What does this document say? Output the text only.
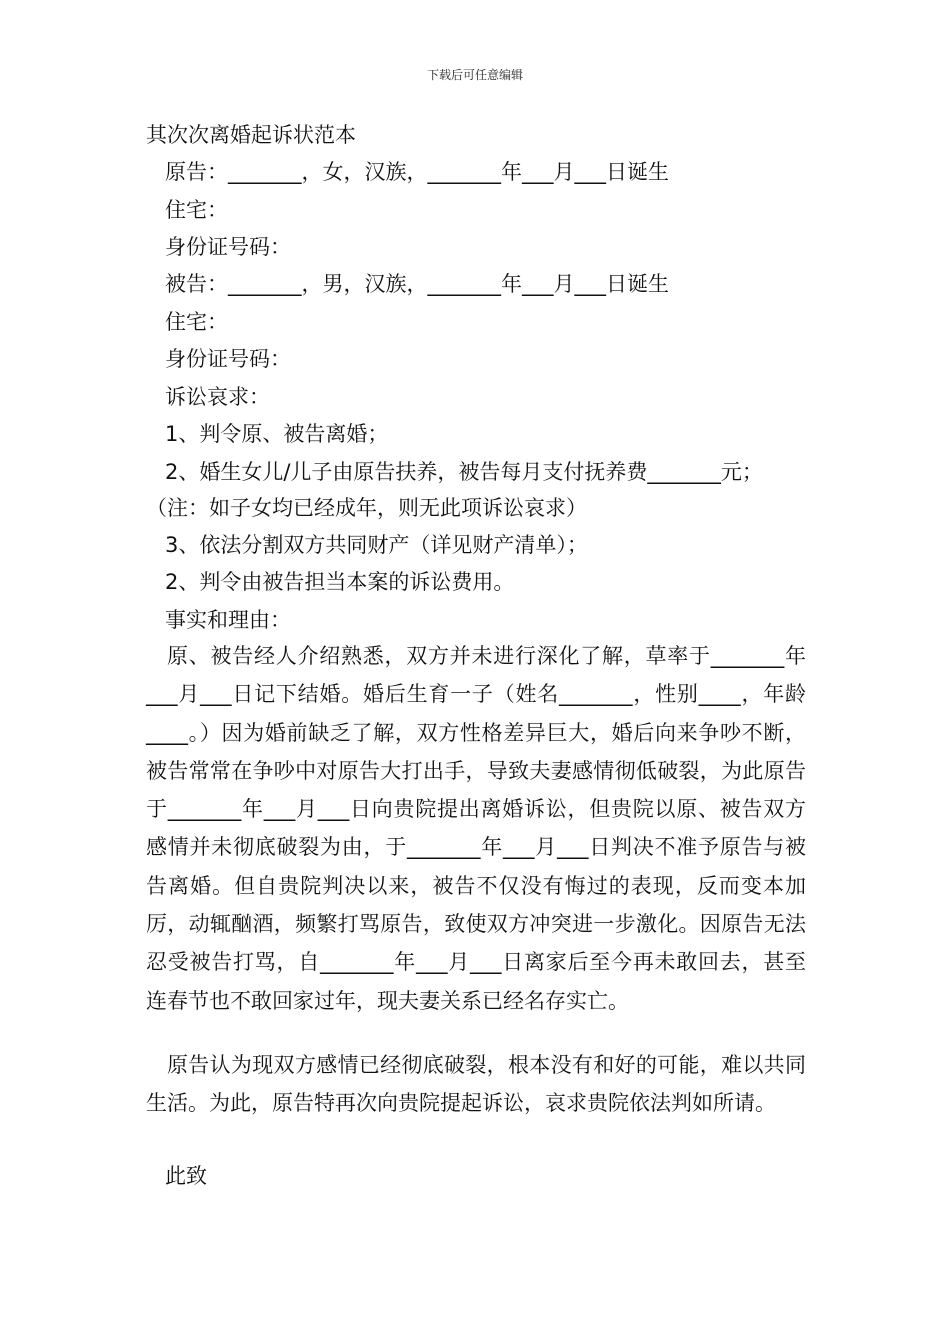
下载后可任意编辑
其次次离婚起诉状范本
原告：_______，女，汉族，_______年___月___日诞生
住宅：
身份证号码：
被告：_______，男，汉族，_______年___月___日诞生
住宅：
身份证号码：
诉讼哀求：
1、判令原、被告离婚；
2、婚生女儿/儿子由原告扶养，被告每月支付抚养费_______元；
（注：如子女均已经成年，则无此项诉讼哀求）
3、依法分割双方共同财产（详见财产清单）；
2、判令由被告担当本案的诉讼费用。
事实和理由：
原、被告经人介绍熟悉，双方并未进行深化了解，草率于_______年___月___日记下结婚。婚后生育一子（姓名_______，性别____，年龄____。）因为婚前缺乏了解，双方性格差异巨大，婚后向来争吵不断，被告常常在争吵中对原告大打出手，导致夫妻感情彻低破裂，为此原告于_______年___月___日向贵院提出离婚诉讼，但贵院以原、被告双方感情并未彻底破裂为由，于_______年___月___日判决不准予原告与被告离婚。但自贵院判决以来，被告不仅没有悔过的表现，反而变本加厉，动辄酗酒，频繁打骂原告，致使双方冲突进一步激化。因原告无法忍受被告打骂，自_______年___月___日离家后至今再未敢回去，甚至连春节也不敢回家过年，现夫妻关系已经名存实亡。
原告认为现双方感情已经彻底破裂，根本没有和好的可能，难以共同生活。为此，原告特再次向贵院提起诉讼，哀求贵院依法判如所请。
此致
